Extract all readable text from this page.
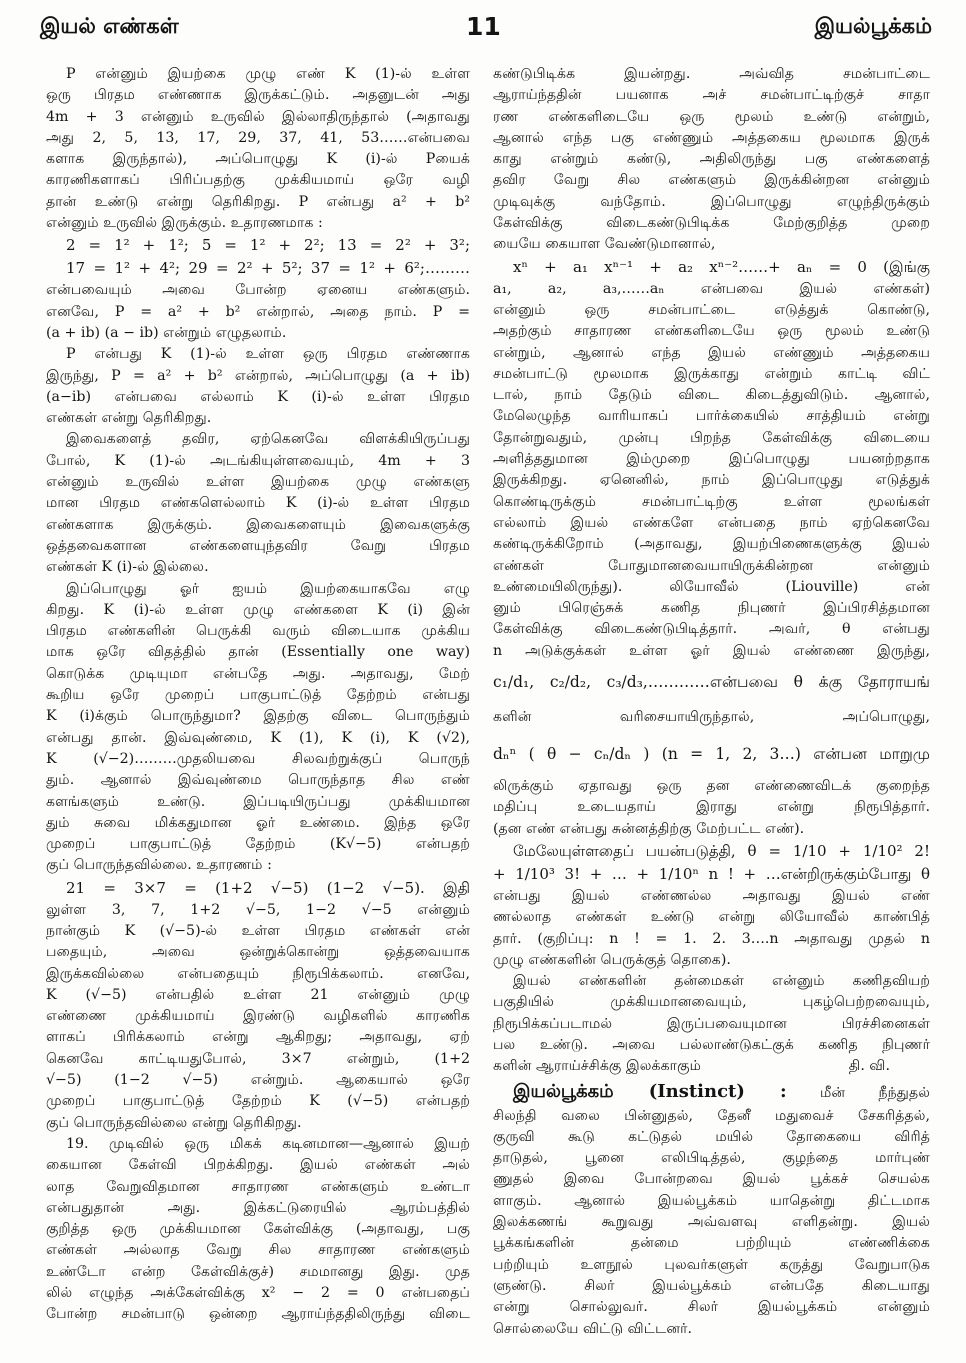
இயல் எண்கள்	11	இயல்பூக்கம்
P என்னும் இயற்கை முழு எண் K (1)-ல் உள்ள
ஒரு பிரதம எண்ணாக இருக்கட்டும். அதனுடன் அது
4m + 3 என்னும் உருவில் இல்லாதிருந்தால் (அதாவது
அது 2, 5, 13, 17, 29, 37, 41, 53……என்பவை
களாக இருந்தால்), அப்பொழுது K (i)-ல் Pயைக்
காரணிகளாகப் பிரிப்பதற்கு முக்கியமாய் ஒரே வழி
தான் உண்டு என்று தெரிகிறது. P என்பது a² + b²
என்னும் உருவில் இருக்கும். உதாரணமாக :
2 = 1² + 1²; 5 = 1² + 2²; 13 = 2² + 3²;
17 = 1² + 4²; 29 = 2² + 5²; 37 = 1² + 6²;………
என்பவையும் அவை போன்ற ஏனைய எண்களும்.
எனவே, P = a² + b² என்றால், அதை நாம். P =
(a + ib) (a − ib) என்றும் எழுதலாம்.
P என்பது K (1)-ல் உள்ள ஒரு பிரதம எண்ணாக
இருந்து, P = a² + b² என்றால், அப்பொழுது (a + ib)
(a−ib) என்பவை எல்லாம் K (i)-ல் உள்ள பிரதம
எண்கள் என்று தெரிகிறது.
இவைகளைத் தவிர, ஏற்கெனவே விளக்கியிருப்பது
போல், K (1)-ல் அடங்கியுள்ளவையும், 4m + 3
என்னும் உருவில் உள்ள இயற்கை முழு எண்களு
மான பிரதம எண்களெல்லாம் K (i)-ல் உள்ள பிரதம
எண்களாக இருக்கும். இவைகளையும் இவைகளுக்கு
ஒத்தவைகளான எண்களையுந்தவிர வேறு பிரதம
எண்கள் K (i)-ல் இல்லை.
இப்பொழுது ஓர் ஐயம் இயற்கையாகவே எழு
கிறது. K (i)-ல் உள்ள முழு எண்களை K (i) இன்
பிரதம எண்களின் பெருக்கி வரும் விடையாக முக்கிய
மாக ஒரே விதத்தில் தான் (Essentially one way)
கொடுக்க முடியுமா என்பதே அது. அதாவது, மேற்
கூறிய ஒரே முறைப் பாகுபாட்டுத் தேற்றம் என்பது
K (i)க்கும் பொருந்துமா? இதற்கு விடை பொருந்தும்
என்பது தான். இவ்வுண்மை, K (1), K (i), K (√2),
K (√−2)………முதலியவை சிலவற்றுக்குப் பொருந்
தும். ஆனால் இவ்வுண்மை பொருந்தாத சில எண்
களங்களும் உண்டு. இப்படியிருப்பது முக்கியமான
தும் சுவை மிக்கதுமான ஓர் உண்மை. இந்த ஒரே
முறைப் பாகுபாட்டுத் தேற்றம் (K√−5) என்பதற்
குப் பொருந்தவில்லை. உதாரணம் :
21 = 3×7 = (1+2 √−5) (1−2 √−5). இதி
லுள்ள 3, 7, 1+2 √−5, 1−2 √−5 என்னும்
நான்கும் K (√−5)-ல் உள்ள பிரதம எண்கள் என்
பதையும், அவை ஒன்றுக்கொன்று ஒத்தவையாக
இருக்கவில்லை என்பதையும் நிரூபிக்கலாம். எனவே,
K (√−5) என்பதில் உள்ள 21 என்னும் முழு
எண்ணை முக்கியமாய் இரண்டு வழிகளில் காரணிக
ளாகப் பிரிக்கலாம் என்று ஆகிறது; அதாவது, ஏற்
கெனவே காட்டியதுபோல், 3×7 என்றும், (1+2
√−5) (1−2 √−5) என்றும். ஆகையால் ஒரே
முறைப் பாகுபாட்டுத் தேற்றம் K (√−5) என்பதற்
குப் பொருந்தவில்லை என்று தெரிகிறது.
19. முடிவில் ஒரு மிகக் கடினமான—ஆனால் இயற்
கையான கேள்வி பிறக்கிறது. இயல் எண்கள் அல்
லாத வேறுவிதமான சாதாரண எண்களும் உண்டா
என்பதுதான் அது. இக்கட்டுரையில் ஆரம்பத்தில்
குறித்த ஒரு முக்கியமான கேள்விக்கு (அதாவது, பகு
எண்கள் அல்லாத வேறு சில சாதாரண எண்களும்
உண்டோ என்ற கேள்விக்குச்) சமமானது இது. முத
லில் எழுந்த அக்கேள்விக்கு x² − 2 = 0 என்பதைப்
போன்ற சமன்பாடு ஒன்றை ஆராய்ந்ததிலிருந்து விடை
கண்டுபிடிக்க இயன்றது. அவ்வித சமன்பாட்டை
ஆராய்ந்ததின் பயனாக அச் சமன்பாட்டிற்குச் சாதா
ரண எண்களிடையே ஒரு மூலம் உண்டு என்றும்,
ஆனால் எந்த பகு எண்ணும் அத்தகைய மூலமாக இருக்
காது என்றும் கண்டு, அதிலிருந்து பகு எண்களைத்
தவிர வேறு சில எண்களும் இருக்கின்றன என்னும்
முடிவுக்கு வந்தோம். இப்பொழுது எழுந்திருக்கும்
கேள்விக்கு விடைகண்டுபிடிக்க மேற்குறித்த முறை
யையே கையாள வேண்டுமானால்,
xⁿ + a₁ xⁿ⁻¹ + a₂ xⁿ⁻²……+ aₙ = 0 (இங்கு
a₁, a₂, a₃,……aₙ என்பவை இயல் எண்கள்)
என்னும் ஒரு சமன்பாட்டை எடுத்துக் கொண்டு,
அதற்கும் சாதாரண எண்களிடையே ஒரு மூலம் உண்டு
என்றும், ஆனால் எந்த இயல் எண்ணும் அத்தகைய
சமன்பாட்டு மூலமாக இருக்காது என்றும் காட்டி விட்
டால், நாம் தேடும் விடை கிடைத்துவிடும். ஆனால்,
மேலெழுந்த வாரியாகப் பார்க்கையில் சாத்தியம் என்று
தோன்றுவதும், முன்பு பிறந்த கேள்விக்கு விடையை
அளித்ததுமான இம்முறை இப்பொழுது பயனற்றதாக
இருக்கிறது. ஏனெனில், நாம் இப்பொழுது எடுத்துக்
கொண்டிருக்கும் சமன்பாட்டிற்கு உள்ள மூலங்கள்
எல்லாம் இயல் எண்களே என்பதை நாம் ஏற்கெனவே
கண்டிருக்கிறோம் (அதாவது, இயற்பிணைகளுக்கு இயல்
எண்கள் போதுமானவையாயிருக்கின்றன என்னும்
உண்மையிலிருந்து). லியோவீல் (Liouville) என்
னும் பிரெஞ்சுக் கணித நிபுணர் இப்பிரசித்தமான
கேள்விக்கு விடைகண்டுபிடித்தார். அவர், θ என்பது
n அடுக்குக்கள் உள்ள ஓர் இயல் எண்ணை இருந்து,
c₁/d₁, c₂/d₂, c₃/d₃,…………என்பவை θ க்கு தோராயங்
களின் வரிசையாயிருந்தால், அப்பொழுது,
dₙⁿ ( θ − cₙ/dₙ ) (n = 1, 2, 3…) என்பன மாறுமு
லிருக்கும் ஏதாவது ஒரு தன எண்ணைவிடக் குறைந்த
மதிப்பு உடையதாய் இராது என்று நிரூபித்தார்.
(தன எண் என்பது சுன்னத்திற்கு மேற்பட்ட எண்).
மேலேயுள்ளதைப் பயன்படுத்தி, θ = 1/10 + 1/10² 2!
+ 1/10³ 3! + … + 1/10ⁿ n ! + …என்றிருக்கும்போது θ
என்பது இயல் எண்ணல்ல அதாவது இயல் எண்
ணல்லாத எண்கள் உண்டு என்று லியோவீல் காண்பித்
தார். (குறிப்பு: n ! = 1. 2. 3….n அதாவது முதல் n
முழு எண்களின் பெருக்குத் தொகை).
இயல் எண்களின் தன்மைகள் என்னும் கணிதவியற்
பகுதியில் முக்கியமானவையும், புகழ்பெற்றவையும்,
நிரூபிக்கப்படாமல் இருப்பவையுமான பிரச்சினைகள்
பல உண்டு. அவை பல்லாண்டுகட்குக் கணித நிபுணர்
களின் ஆராய்ச்சிக்கு இலக்காகும்	தி. வி.
இயல்பூக்கம் (Instinct) : மீன் நீந்துதல்
சிலந்தி வலை பின்னுதல், தேனீ மதுவைச் சேகரித்தல்,
குருவி கூடு கட்டுதல் மயில் தோகையை விரித்
தாடுதல், பூனை எலிபிடித்தல், குழந்தை மார்புண்
ணுதல் இவை போன்றவை இயல் பூக்கச் செயல்க
ளாகும். ஆனால் இயல்பூக்கம் யாதென்று திட்டமாக
இலக்கணங் கூறுவது அவ்வளவு எளிதன்று. இயல்
பூக்கங்களின் தன்மை பற்றியும் எண்ணிக்கை
பற்றியும் உளநூல் புலவர்களுள் கருத்து வேறுபாடுக
ளுண்டு. சிலர் இயல்பூக்கம் என்பதே கிடையாது
என்று சொல்லுவர். சிலர் இயல்பூக்கம் என்னும்
சொல்லையே விட்டு விட்டனர்.
